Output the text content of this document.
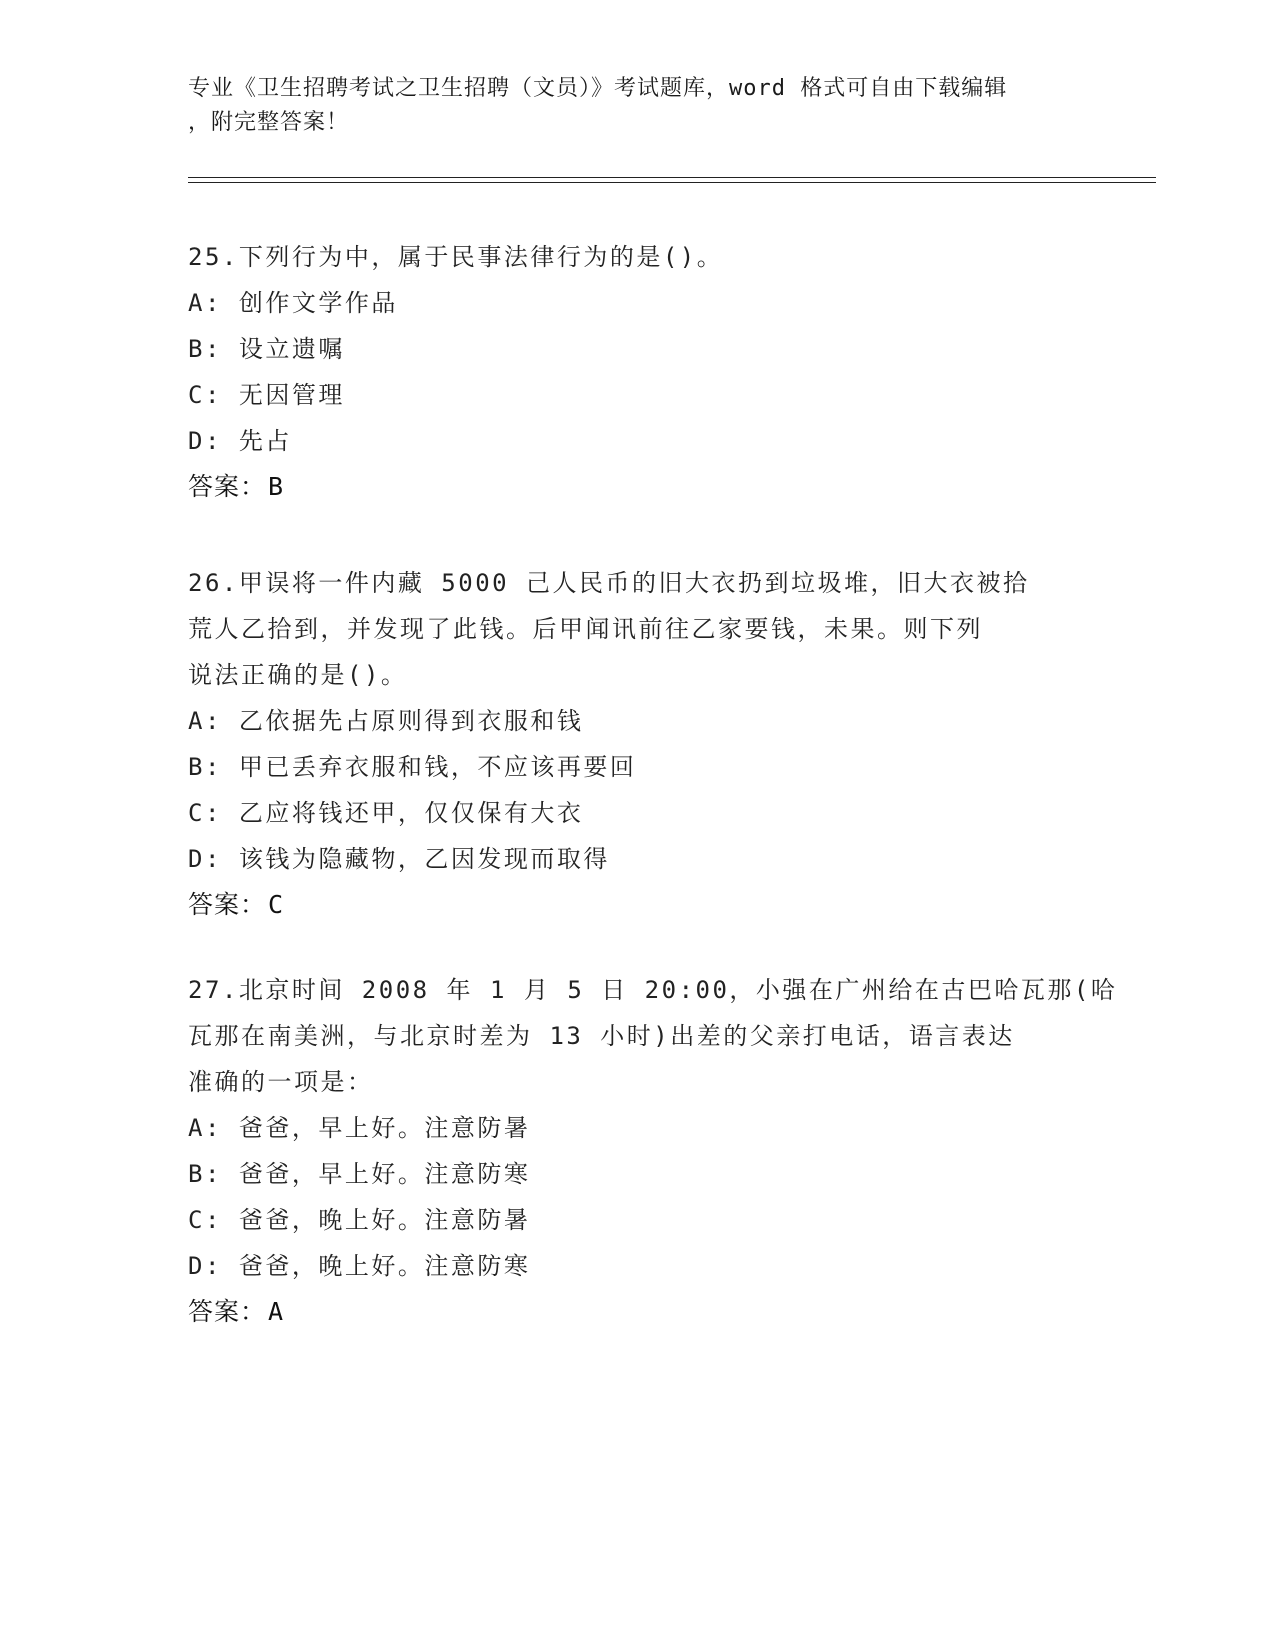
专业《卫生招聘考试之卫生招聘（文员）》考试题库，word 格式可自由下载编辑
，附完整答案！
25.下列行为中，属于民事法律行为的是()。
A: 创作文学作品
B: 设立遗嘱
C: 无因管理
D: 先占
答案：B
26.甲误将一件内藏 5000 己人民币的旧大衣扔到垃圾堆，旧大衣被拾
荒人乙拾到，并发现了此钱。后甲闻讯前往乙家要钱，未果。则下列
说法正确的是()。
A: 乙依据先占原则得到衣服和钱
B: 甲已丢弃衣服和钱，不应该再要回
C: 乙应将钱还甲，仅仅保有大衣
D: 该钱为隐藏物，乙因发现而取得
答案：C
27.北京时间 2008 年 1 月 5 日 20:00，小强在广州给在古巴哈瓦那(哈
瓦那在南美洲，与北京时差为 13 小时)出差的父亲打电话，语言表达
准确的一项是：
A: 爸爸，早上好。注意防暑
B: 爸爸，早上好。注意防寒
C: 爸爸，晚上好。注意防暑
D: 爸爸，晚上好。注意防寒
答案：A
